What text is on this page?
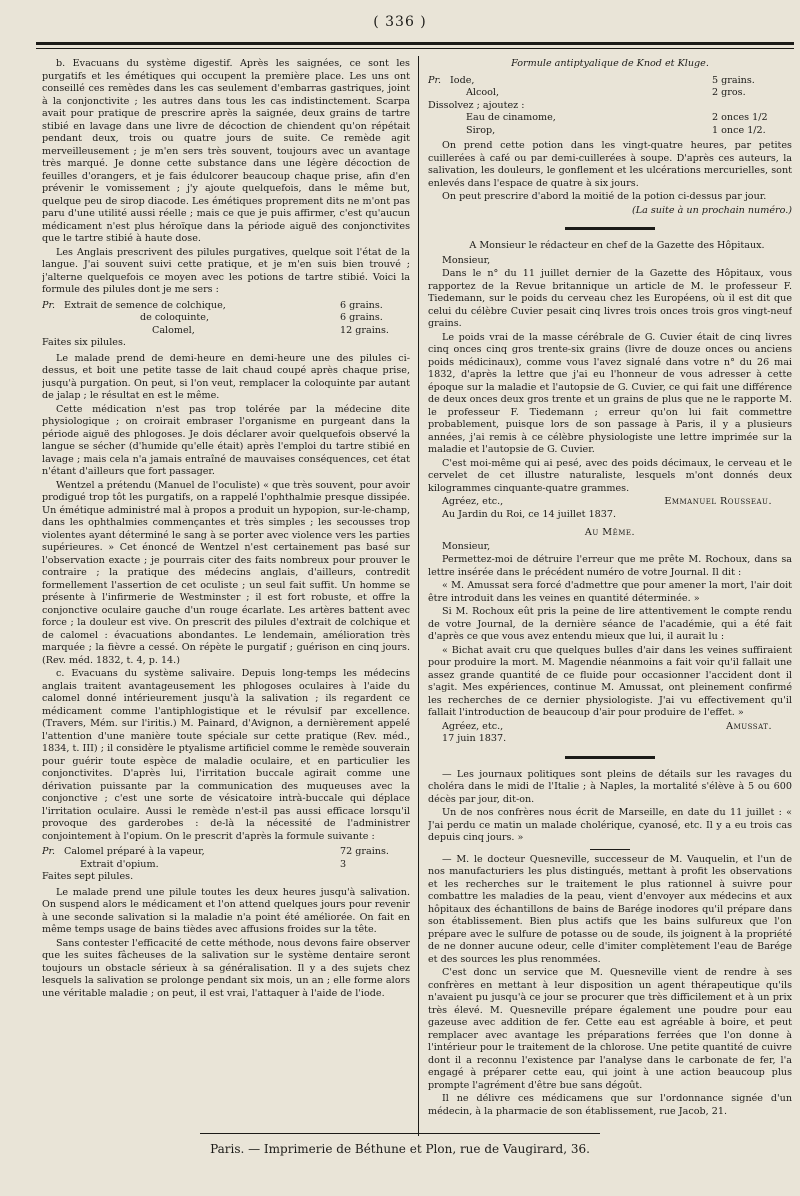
( 336 )

b. Evacuans du système digestif. Après les saignées, ce sont les purgatifs et les émétiques qui occupent la première place. Les uns ont conseillé ces remèdes dans les cas seulement d'embarras gastriques, joint à la conjonctivite ; les autres dans tous les cas indistinctement. Scarpa avait pour pratique de prescrire après la saignée, deux grains de tartre stibié en lavage dans une livre de décoction de chiendent qu'on répétait pendant deux, trois ou quatre jours de suite. Ce remède agit merveilleusement ; je m'en sers très souvent, toujours avec un avantage très marqué. Je donne cette substance dans une légère décoction de feuilles d'orangers, et je fais édulcorer beaucoup chaque prise, afin d'en prévenir le vomissement ; j'y ajoute quelquefois, dans le même but, quelque peu de sirop diacode. Les émétiques proprement dits ne m'ont pas paru d'une utilité aussi réelle ; mais ce que je puis affirmer, c'est qu'aucun médicament n'est plus héroïque dans la période aiguë des conjonctivites que le tartre stibié à haute dose.

Les Anglais prescrivent des pilules purgatives, quelque soit l'état de la langue. J'ai souvent suivi cette pratique, et je m'en suis bien trouvé ; j'alterne quelquefois ce moyen avec les potions de tartre stibié. Voici la formule des pilules dont je me sers :

Pr. Extrait de semence de colchique,	6 grains.
de coloquinte,	6 grains.
Calomel,	12 grains.

Faites six pilules.

Le malade prend de demi-heure en demi-heure une des pilules ci-dessus, et boit une petite tasse de lait chaud coupé après chaque prise, jusqu'à purgation. On peut, si l'on veut, remplacer la coloquinte par autant de jalap ; le résultat en est le même.

Cette médication n'est pas trop tolérée par la médecine dite physiologique ; on croirait embraser l'organisme en purgeant dans la période aiguë des phlogoses. Je dois déclarer avoir quelquefois observé la langue se sécher (d'humide qu'elle était) après l'emploi du tartre stibié en lavage ; mais cela n'a jamais entraîné de mauvaises conséquences, cet état n'étant d'ailleurs que fort passager.

Wentzel a prétendu (Manuel de l'oculiste) « que très souvent, pour avoir prodigué trop tôt les purgatifs, on a rappelé l'ophthalmie presque dissipée. Un émétique administré mal à propos a produit un hypopion, sur-le-champ, dans les ophthalmies commençantes et très simples ; les secousses trop violentes ayant déterminé le sang à se porter avec violence vers les parties supérieures. » Cet énoncé de Wentzel n'est certainement pas basé sur l'observation exacte ; je pourrais citer des faits nombreux pour prouver le contraire ; la pratique des médecins anglais, d'ailleurs, contredit formellement l'assertion de cet oculiste ; un seul fait suffit. Un homme se présente à l'infirmerie de Westminster ; il est fort robuste, et offre la conjonctive oculaire gauche d'un rouge écarlate. Les artères battent avec force ; la douleur est vive. On prescrit des pilules d'extrait de colchique et de calomel : évacuations abondantes. Le lendemain, amélioration très marquée ; la fièvre a cessé. On répète le purgatif ; guérison en cinq jours. (Rev. méd. 1832, t. 4, p. 14.)

c. Evacuans du système salivaire. Depuis long-temps les médecins anglais traitent avantageusement les phlogoses oculaires à l'aide du calomel donné intérieurement jusqu'à la salivation ; ils regardent ce médicament comme l'antiphlogistique et le révulsif par excellence. (Travers, Mém. sur l'iritis.) M. Painard, d'Avignon, a dernièrement appelé l'attention d'une manière toute spéciale sur cette pratique (Rev. méd., 1834, t. III) ; il considère le ptyalisme artificiel comme le remède souverain pour guérir toute espèce de maladie oculaire, et en particulier les conjonctivites. D'après lui, l'irritation buccale agirait comme une dérivation puissante par la communication des muqueuses avec la conjonctive ; c'est une sorte de vésicatoire intrà-buccale qui déplace l'irritation oculaire. Aussi le remède n'est-il pas aussi efficace lorsqu'il provoque des garderobes : de-là la nécessité de l'administrer conjointement à l'opium. On le prescrit d'après la formule suivante :

Pr. Calomel préparé à la vapeur,	72 grains.
Extrait d'opium.	3

Faites sept pilules.

Le malade prend une pilule toutes les deux heures jusqu'à salivation. On suspend alors le médicament et l'on attend quelques jours pour revenir à une seconde salivation si la maladie n'a point été améliorée. On fait en même temps usage de bains tièdes avec affusions froides sur la tête.

Sans contester l'efficacité de cette méthode, nous devons faire observer que les suites fâcheuses de la salivation sur le système dentaire seront toujours un obstacle sérieux à sa généralisation. Il y a des sujets chez lesquels la salivation se prolonge pendant six mois, un an ; elle forme alors une véritable maladie ; on peut, il est vrai, l'attaquer à l'aide de l'iode.

Formule antiptyalique de Knod et Kluge.
Pr. Iode,	5 grains.
Alcool,	2 gros.
Dissolvez ; ajoutez :
Eau de cinamome,	2 onces 1/2
Sirop,	1 once 1/2.

On prend cette potion dans les vingt-quatre heures, par petites cuillerées à café ou par demi-cuillerées à soupe. D'après ces auteurs, la salivation, les douleurs, le gonflement et les ulcérations mercurielles, sont enlevés dans l'espace de quatre à six jours.

On peut prescrire d'abord la moitié de la potion ci-dessus par jour.

(La suite à un prochain numéro.)

A Monsieur le rédacteur en chef de la Gazette des Hôpitaux.

Monsieur,

Dans le n° du 11 juillet dernier de la Gazette des Hôpitaux, vous rapportez de la Revue britannique un article de M. le professeur F. Tiedemann, sur le poids du cerveau chez les Européens, où il est dit que celui du célèbre Cuvier pesait cinq livres trois onces trois gros vingt-neuf grains.

Le poids vrai de la masse cérébrale de G. Cuvier était de cinq livres cinq onces cinq gros trente-six grains (livre de douze onces ou anciens poids médicinaux), comme vous l'avez signalé dans votre n° du 26 mai 1832, d'après la lettre que j'ai eu l'honneur de vous adresser à cette époque sur la maladie et l'autopsie de G. Cuvier, ce qui fait une différence de deux onces deux gros trente et un grains de plus que ne le rapporte M. le professeur F. Tiedemann ; erreur qu'on lui fait commettre probablement, puisque lors de son passage à Paris, il y a plusieurs années, j'ai remis à ce célèbre physiologiste une lettre imprimée sur la maladie et l'autopsie de G. Cuvier.

C'est moi-même qui ai pesé, avec des poids décimaux, le cerveau et le cervelet de cet illustre naturaliste, lesquels m'ont donnés deux kilogrammes cinquante-quatre grammes.

Agréez, etc.,	Emmanuel Rousseau.

Au Jardin du Roi, ce 14 juillet 1837.

Au Même.

Monsieur,

Permettez-moi de détruire l'erreur que me prête M. Rochoux, dans sa lettre insérée dans le précédent numéro de votre Journal. Il dit :

« M. Amussat sera forcé d'admettre que pour amener la mort, l'air doit être introduit dans les veines en quantité déterminée. »

Si M. Rochoux eût pris la peine de lire attentivement le compte rendu de votre Journal, de la dernière séance de l'académie, qui a été fait d'après ce que vous avez entendu mieux que lui, il aurait lu :

« Bichat avait cru que quelques bulles d'air dans les veines suffiraient pour produire la mort. M. Magendie néanmoins a fait voir qu'il fallait une assez grande quantité de ce fluide pour occasionner l'accident dont il s'agit. Mes expériences, continue M. Amussat, ont pleinement confirmé les recherches de ce dernier physiologiste. J'ai vu effectivement qu'il fallait l'introduction de beaucoup d'air pour produire de l'effet. »

Agréez, etc.,	Amussat.

17 juin 1837.

— Les journaux politiques sont pleins de détails sur les ravages du choléra dans le midi de l'Italie ; à Naples, la mortalité s'élève à 5 ou 600 décès par jour, dit-on.

Un de nos confrères nous écrit de Marseille, en date du 11 juillet : « J'ai perdu ce matin un malade cholérique, cyanosé, etc. Il y a eu trois cas depuis cinq jours. »

— M. le docteur Quesneville, successeur de M. Vauquelin, et l'un de nos manufacturiers les plus distingués, mettant à profit les observations et les recherches sur le traitement le plus rationnel à suivre pour combattre les maladies de la peau, vient d'envoyer aux médecins et aux hôpitaux des échantillons de bains de Barége inodores qu'il prépare dans son établissement. Bien plus actifs que les bains sulfureux que l'on prépare avec le sulfure de potasse ou de soude, ils joignent à la propriété de ne donner aucune odeur, celle d'imiter complètement l'eau de Barége et des sources les plus renommées.

C'est donc un service que M. Quesneville vient de rendre à ses confrères en mettant à leur disposition un agent thérapeutique qu'ils n'avaient pu jusqu'à ce jour se procurer que très difficilement et à un prix très élevé. M. Quesneville prépare également une poudre pour eau gazeuse avec addition de fer. Cette eau est agréable à boire, et peut remplacer avec avantage les préparations ferrées que l'on donne à l'intérieur pour le traitement de la chlorose. Une petite quantité de cuivre dont il a reconnu l'existence par l'analyse dans le carbonate de fer, l'a engagé à préparer cette eau, qui joint à une action beaucoup plus prompte l'agrément d'être bue sans dégoût.

Il ne délivre ces médicamens que sur l'ordonnance signée d'un médecin, à la pharmacie de son établissement, rue Jacob, 21.

Paris. — Imprimerie de Béthune et Plon, rue de Vaugirard, 36.
